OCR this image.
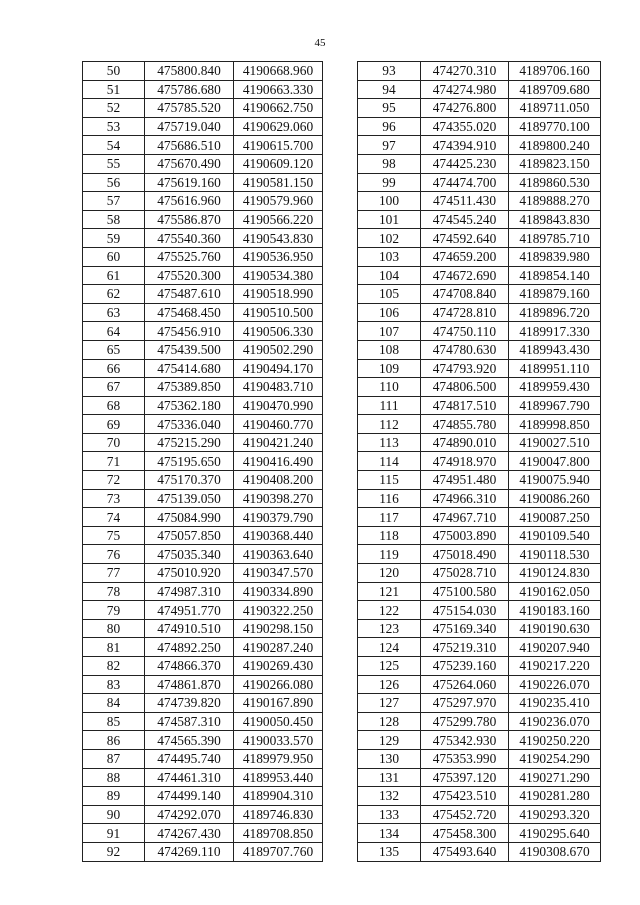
45
50	475800.840	4190668.960
51	475786.680	4190663.330
52	475785.520	4190662.750
53	475719.040	4190629.060
54	475686.510	4190615.700
55	475670.490	4190609.120
56	475619.160	4190581.150
57	475616.960	4190579.960
58	475586.870	4190566.220
59	475540.360	4190543.830
60	475525.760	4190536.950
61	475520.300	4190534.380
62	475487.610	4190518.990
63	475468.450	4190510.500
64	475456.910	4190506.330
65	475439.500	4190502.290
66	475414.680	4190494.170
67	475389.850	4190483.710
68	475362.180	4190470.990
69	475336.040	4190460.770
70	475215.290	4190421.240
71	475195.650	4190416.490
72	475170.370	4190408.200
73	475139.050	4190398.270
74	475084.990	4190379.790
75	475057.850	4190368.440
76	475035.340	4190363.640
77	475010.920	4190347.570
78	474987.310	4190334.890
79	474951.770	4190322.250
80	474910.510	4190298.150
81	474892.250	4190287.240
82	474866.370	4190269.430
83	474861.870	4190266.080
84	474739.820	4190167.890
85	474587.310	4190050.450
86	474565.390	4190033.570
87	474495.740	4189979.950
88	474461.310	4189953.440
89	474499.140	4189904.310
90	474292.070	4189746.830
91	474267.430	4189708.850
92	474269.110	4189707.760
93	474270.310	4189706.160
94	474274.980	4189709.680
95	474276.800	4189711.050
96	474355.020	4189770.100
97	474394.910	4189800.240
98	474425.230	4189823.150
99	474474.700	4189860.530
100	474511.430	4189888.270
101	474545.240	4189843.830
102	474592.640	4189785.710
103	474659.200	4189839.980
104	474672.690	4189854.140
105	474708.840	4189879.160
106	474728.810	4189896.720
107	474750.110	4189917.330
108	474780.630	4189943.430
109	474793.920	4189951.110
110	474806.500	4189959.430
111	474817.510	4189967.790
112	474855.780	4189998.850
113	474890.010	4190027.510
114	474918.970	4190047.800
115	474951.480	4190075.940
116	474966.310	4190086.260
117	474967.710	4190087.250
118	475003.890	4190109.540
119	475018.490	4190118.530
120	475028.710	4190124.830
121	475100.580	4190162.050
122	475154.030	4190183.160
123	475169.340	4190190.630
124	475219.310	4190207.940
125	475239.160	4190217.220
126	475264.060	4190226.070
127	475297.970	4190235.410
128	475299.780	4190236.070
129	475342.930	4190250.220
130	475353.990	4190254.290
131	475397.120	4190271.290
132	475423.510	4190281.280
133	475452.720	4190293.320
134	475458.300	4190295.640
135	475493.640	4190308.670
